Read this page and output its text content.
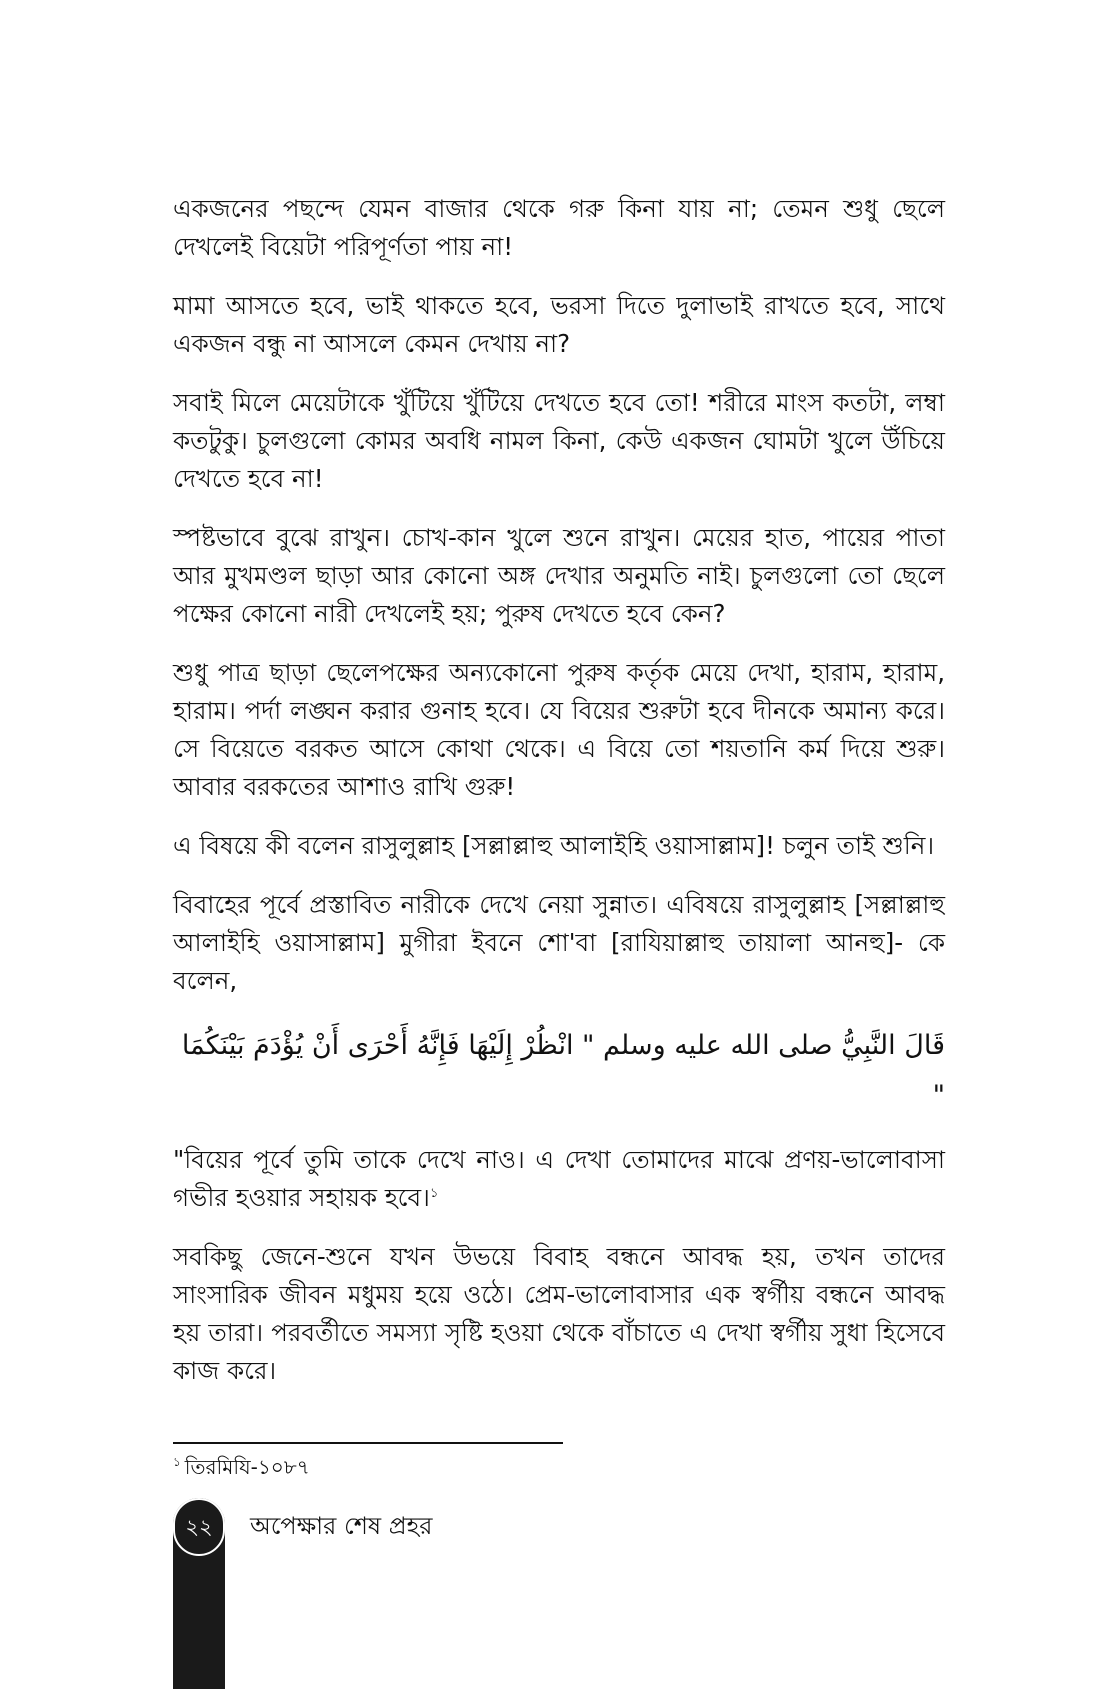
একজনের পছন্দে যেমন বাজার থেকে গরু কিনা যায় না; তেমন শুধু ছেলে দেখলেই বিয়েটা পরিপূর্ণতা পায় না!

মামা আসতে হবে, ভাই থাকতে হবে, ভরসা দিতে দুলাভাই রাখতে হবে, সাথে একজন বন্ধু না আসলে কেমন দেখায় না?

সবাই মিলে মেয়েটাকে খুঁটিয়ে খুঁটিয়ে দেখতে হবে তো! শরীরে মাংস কতটা, লম্বা কতটুকু। চুলগুলো কোমর অবধি নামল কিনা, কেউ একজন ঘোমটা খুলে উঁচিয়ে দেখতে হবে না!

স্পষ্টভাবে বুঝে রাখুন। চোখ-কান খুলে শুনে রাখুন। মেয়ের হাত, পায়ের পাতা আর মুখমণ্ডল ছাড়া আর কোনো অঙ্গ দেখার অনুমতি নাই। চুলগুলো তো ছেলে পক্ষের কোনো নারী দেখলেই হয়; পুরুষ দেখতে হবে কেন?

শুধু পাত্র ছাড়া ছেলেপক্ষের অন্যকোনো পুরুষ কর্তৃক মেয়ে দেখা, হারাম, হারাম, হারাম। পর্দা লঙ্ঘন করার গুনাহ হবে। যে বিয়ের শুরুটা হবে দীনকে অমান্য করে। সে বিয়েতে বরকত আসে কোথা থেকে। এ বিয়ে তো শয়তানি কর্ম দিয়ে শুরু। আবার বরকতের আশাও রাখি গুরু!

এ বিষয়ে কী বলেন রাসুলুল্লাহ [সল্লাল্লাহু আলাইহি ওয়াসাল্লাম]! চলুন তাই শুনি।

বিবাহের পূর্বে প্রস্তাবিত নারীকে দেখে নেয়া সুন্নাত। এবিষয়ে রাসুলুল্লাহ [সল্লাল্লাহু আলাইহি ওয়াসাল্লাম] মুগীরা ইবনে শো'বা [রাযিয়াল্লাহু তায়ালা আনহু]- কে বলেন,

قَالَ النَّبِيُّ صلى الله عليه وسلم " انْظُرْ إِلَيْهَا فَإِنَّهُ أَحْرَى أَنْ يُؤْدَمَ بَيْنَكُمَا "

"বিয়ের পূর্বে তুমি তাকে দেখে নাও। এ দেখা তোমাদের মাঝে প্রণয়-ভালোবাসা গভীর হওয়ার সহায়ক হবে।$^১$

সবকিছু জেনে-শুনে যখন উভয়ে বিবাহ বন্ধনে আবদ্ধ হয়, তখন তাদের সাংসারিক জীবন মধুময় হয়ে ওঠে। প্রেম-ভালোবাসার এক স্বর্গীয় বন্ধনে আবদ্ধ হয় তারা। পরবর্তীতে সমস্যা সৃষ্টি হওয়া থেকে বাঁচাতে এ দেখা স্বর্গীয় সুধা হিসেবে কাজ করে।

$^১$ তিরমিযি-১০৮৭
২২	অপেক্ষার শেষ প্রহর
